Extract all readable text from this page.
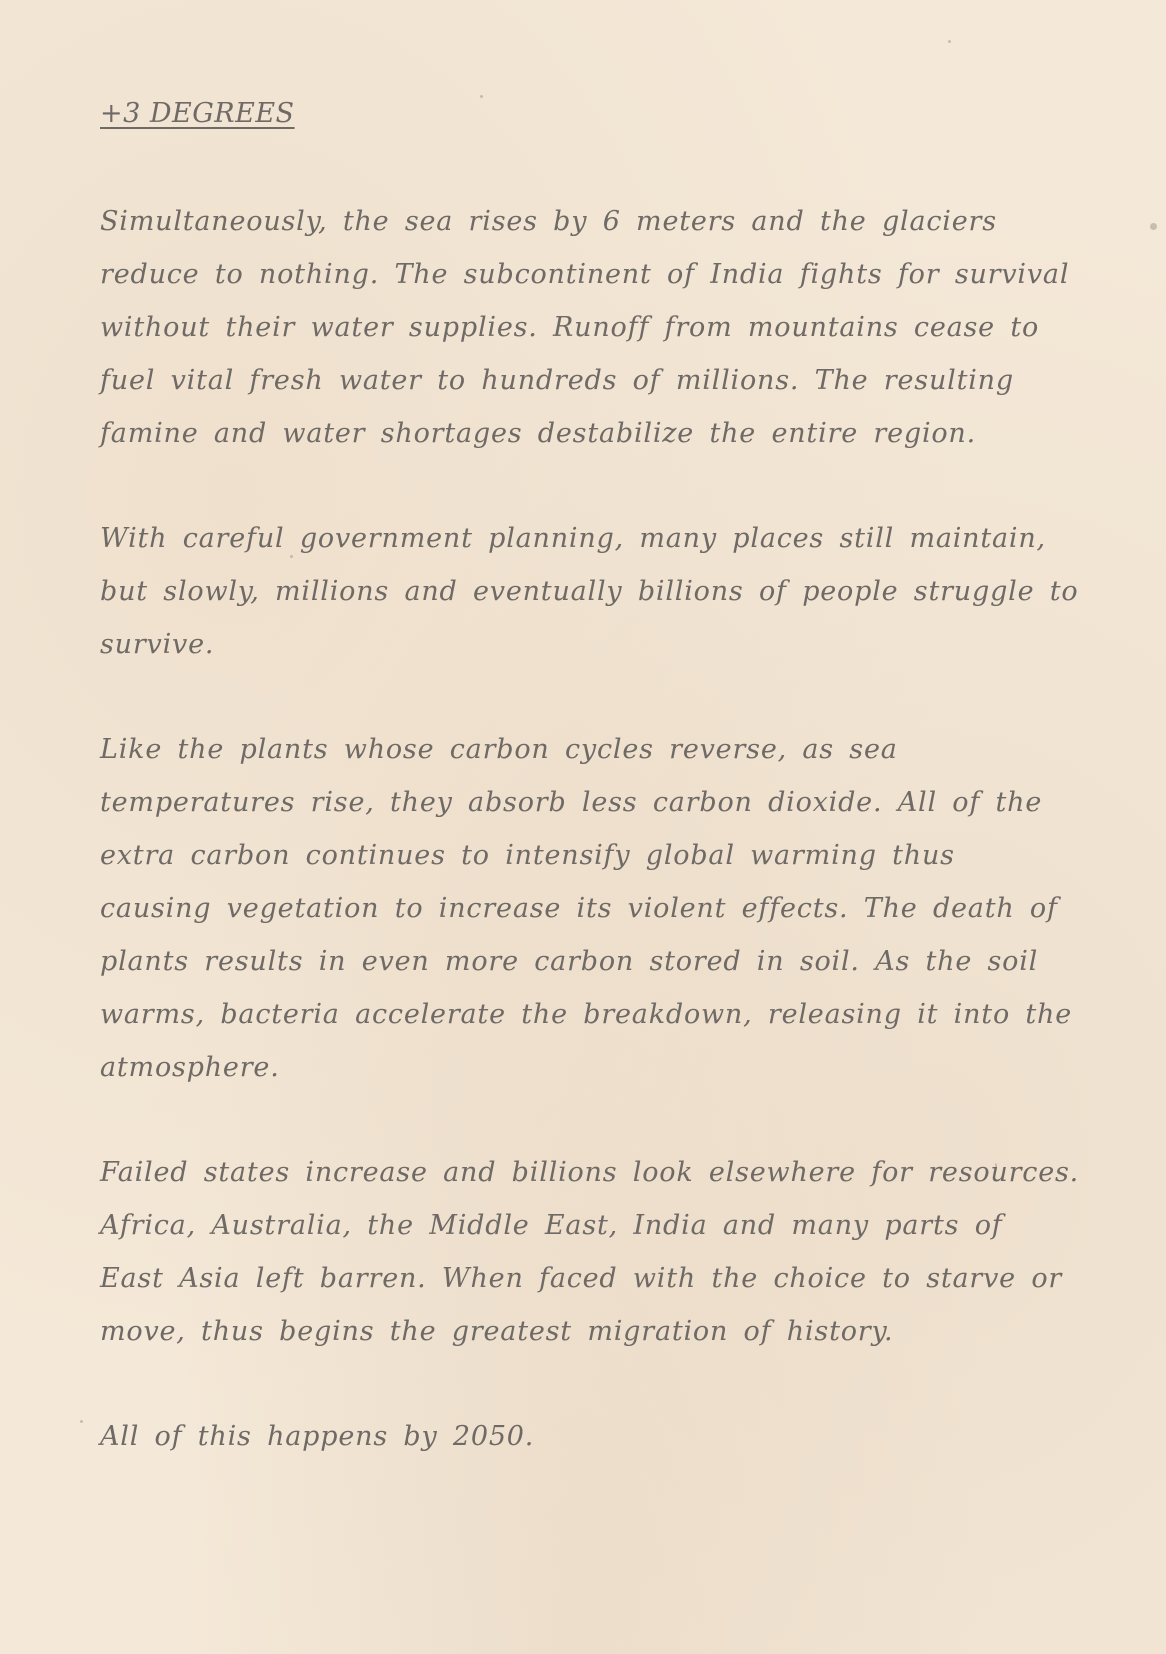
+3 DEGREES

Simultaneously, the sea rises by 6 meters and the glaciers reduce to nothing. The subcontinent of India fights for survival without their water supplies. Runoff from mountains cease to fuel vital fresh water to hundreds of millions. The resulting famine and water shortages destabilize the entire region.

With careful government planning, many places still maintain, but slowly, millions and eventually billions of people struggle to survive.

Like the plants whose carbon cycles reverse, as sea temperatures rise, they absorb less carbon dioxide. All of the extra carbon continues to intensify global warming thus causing vegetation to increase its violent effects. The death of plants results in even more carbon stored in soil. As the soil warms, bacteria accelerate the breakdown, releasing it into the atmosphere.

Failed states increase and billions look elsewhere for resources. Africa, Australia, the Middle East, India and many parts of East Asia left barren. When faced with the choice to starve or move, thus begins the greatest migration of history.

All of this happens by 2050.
